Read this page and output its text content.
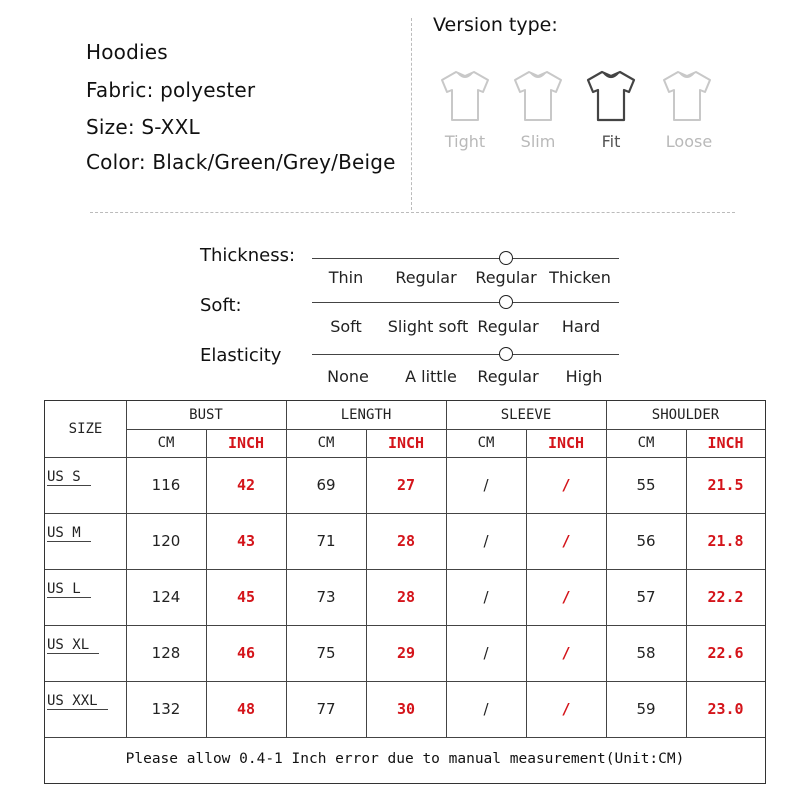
Hoodies
Fabric: polyester
Size: S-XXL
Color: Black/Green/Grey/Beige
Version type:
Tight	Slim	Fit	Loose
Thickness:
Thin	Regular	Regular Thicken
Soft:
Soft	Slight soft Regular	Hard
Elasticity
None	A little	Regular	High
SIZE
BUST	LENGTH	SLEEVE	SHOULDER
CM	INCH	CM	INCH	CM	INCH	CM	INCH
US S	116	42	69	27	/	/	55	21.5
US M	120	43	71	28	/	/	56	21.8
US L	124	45	73	28	/	/	57	22.2
US XL	128	46	75	29	/	/	58	22.6
US XXL	132	48	77	30	/	/	59	23.0
Please allow 0.4-1 Inch error due to manual measurement(Unit:CM)
